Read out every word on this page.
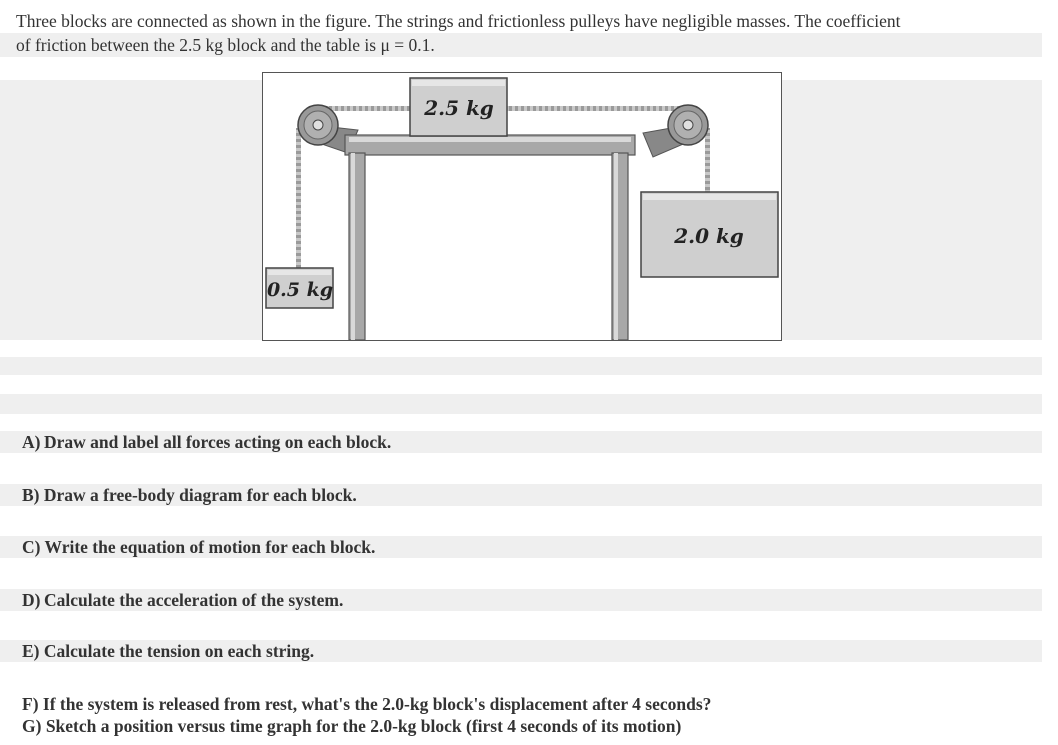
Three blocks are connected as shown in the figure. The strings and frictionless pulleys have negligible masses. The coefficient

of friction between the 2.5 kg block and the table is μ = 0.1.

2.5 kg
2.0 kg
0.5 kg

A) Draw and label all forces acting on each block.

B) Draw a free-body diagram for each block.

C) Write the equation of motion for each block.

D) Calculate the acceleration of the system.

E) Calculate the tension on each string.

F) If the system is released from rest, what's the 2.0-kg block's displacement after 4 seconds?

G) Sketch a position versus time graph for the 2.0-kg block (first 4 seconds of its motion)
